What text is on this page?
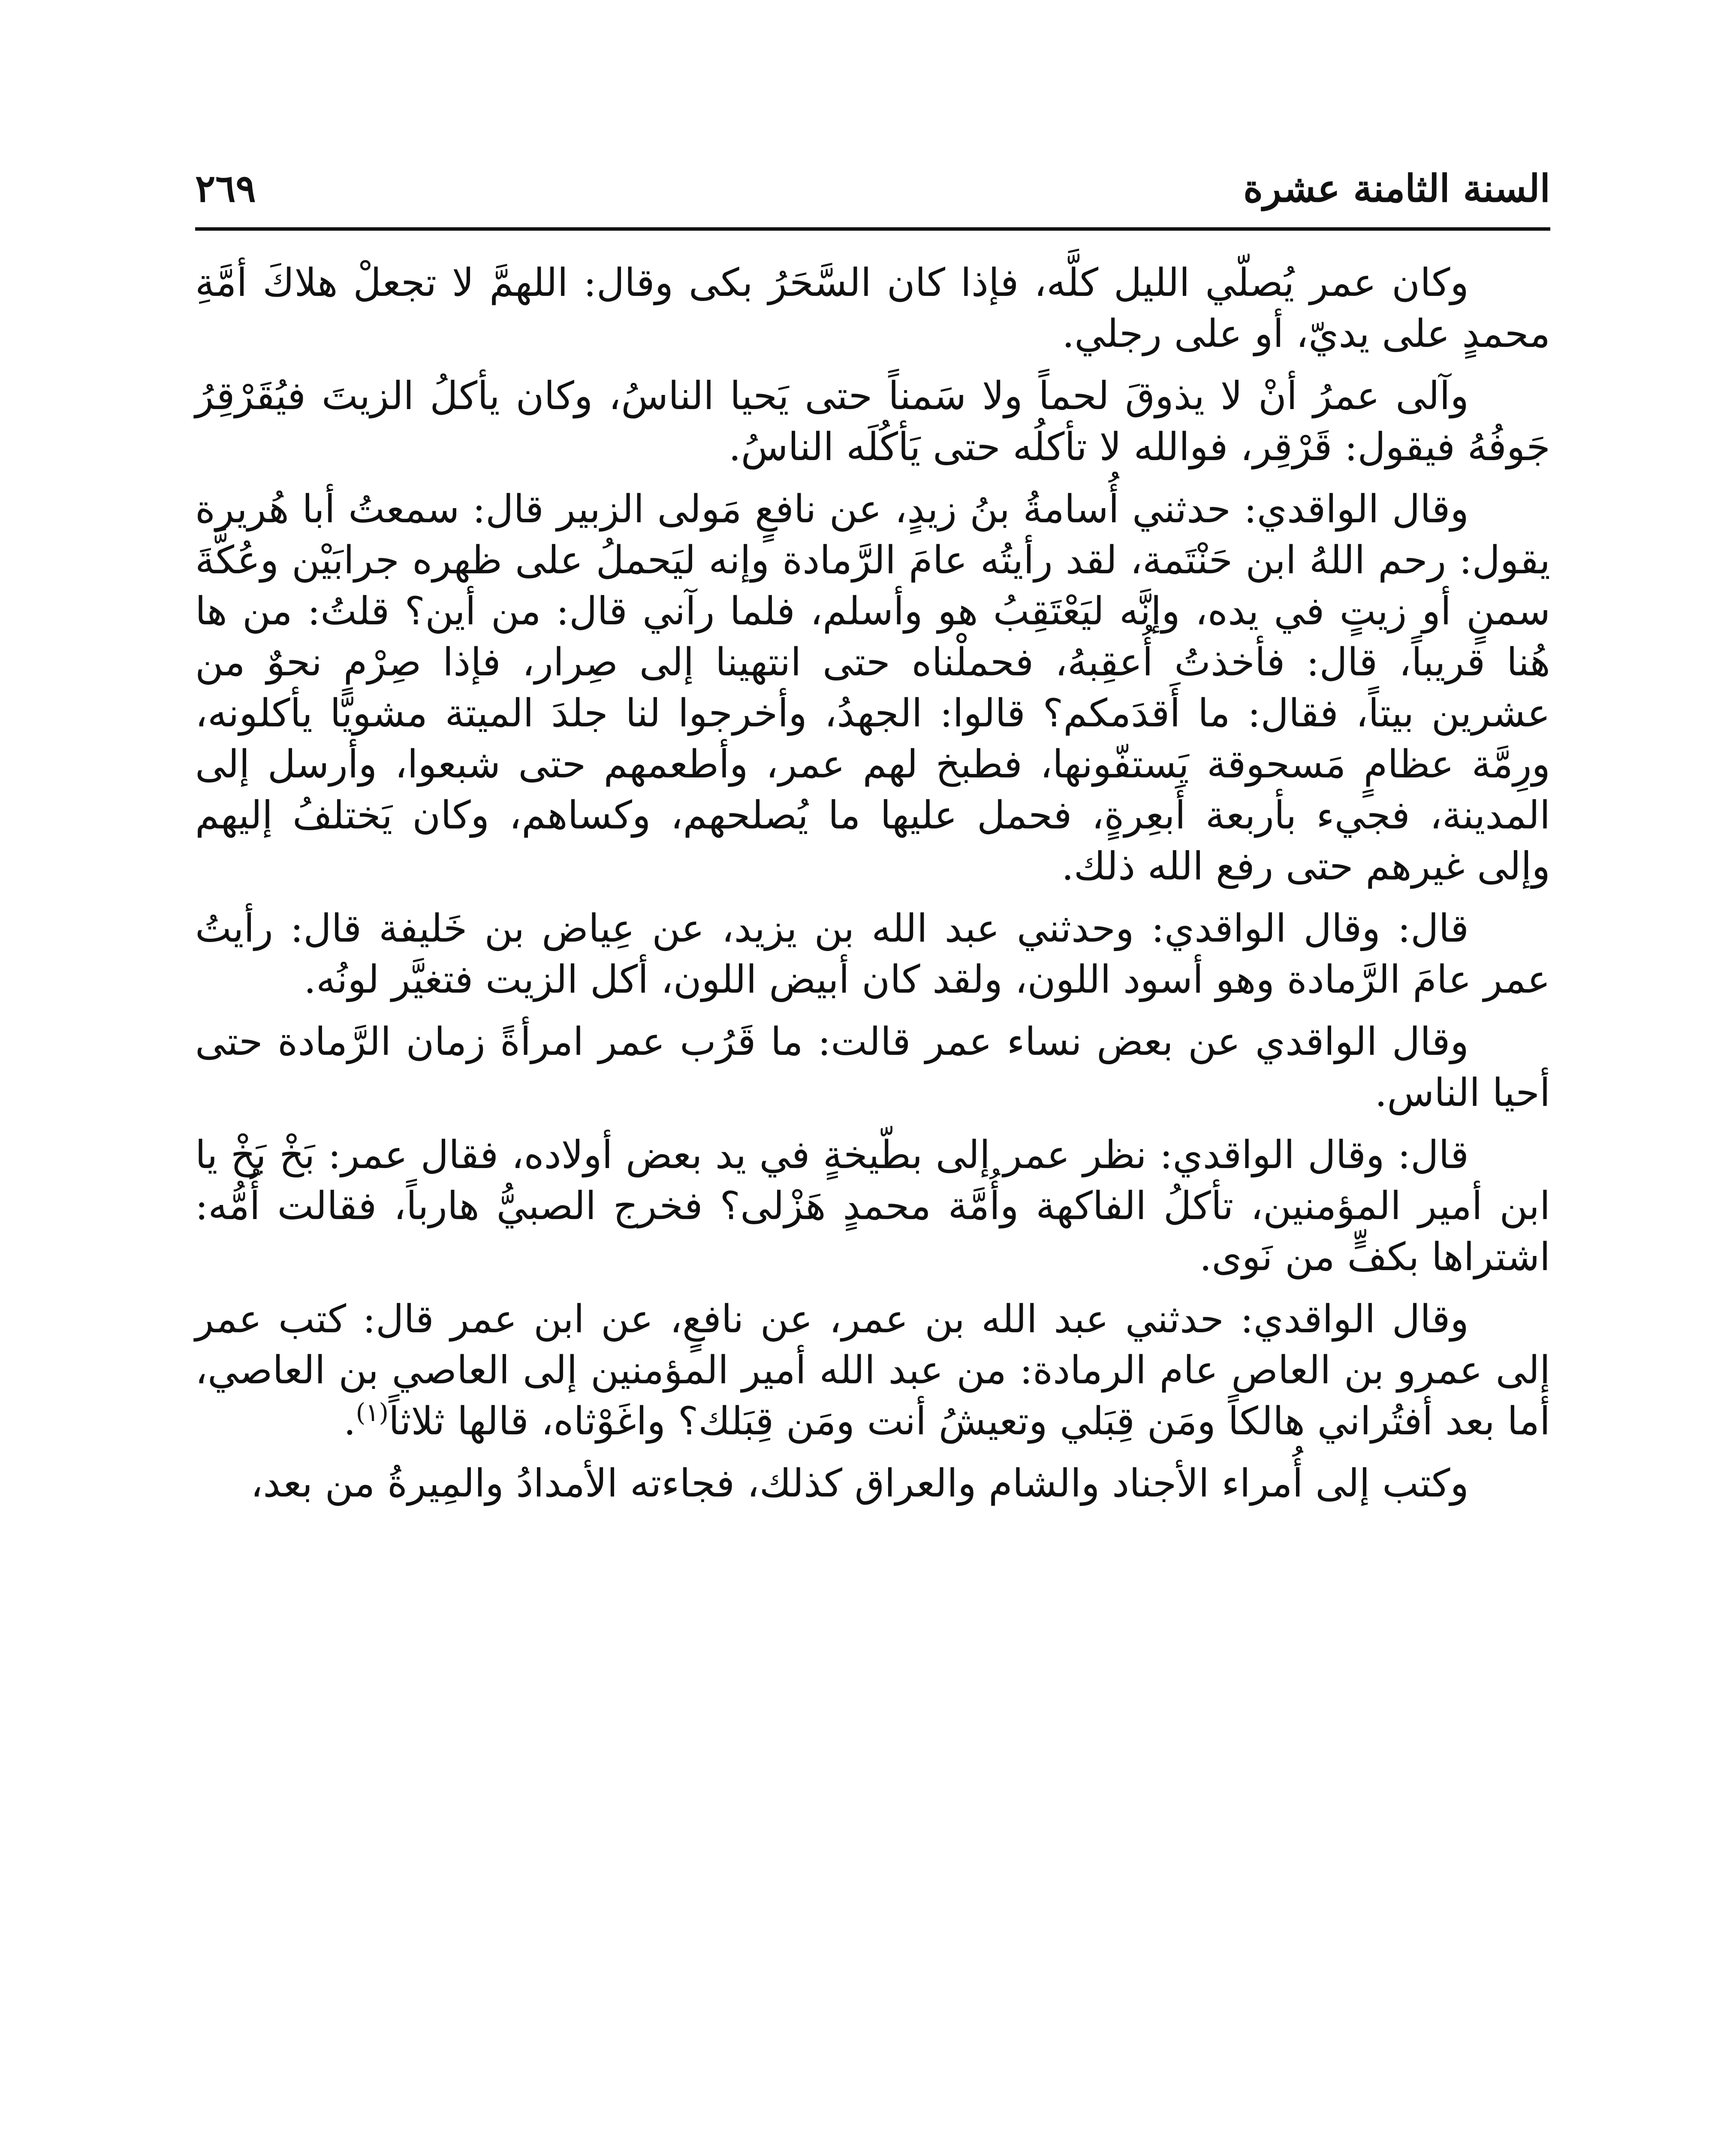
السنة الثامنة عشرة
٢٦٩

وكان عمر يُصلّي الليل كلَّه، فإذا كان السَّحَرُ بكى وقال: اللهمَّ لا تجعلْ هلاكَ أمَّةِ محمدٍ على يديّ، أو على رجلي.

وآلى عمرُ أنْ لا يذوقَ لحماً ولا سَمناً حتى يَحيا الناسُ، وكان يأكلُ الزيتَ فيُقَرْقِرُ جَوفُهُ فيقول: قَرْقِر، فوالله لا تأكلُه حتى يَأكُلَه الناسُ.

وقال الواقدي: حدثني أُسامةُ بنُ زيدٍ، عن نافعٍ مَولى الزبير قال: سمعتُ أبا هُريرة يقول: رحم اللهُ ابن حَنْتَمة، لقد رأيتُه عامَ الرَّمادة وإنه ليَحملُ على ظهره جرابَيْن وعُكَّةَ سمنٍ أو زيتٍ في يده، وإنَّه ليَعْتَقِبُ هو وأسلم، فلما رآني قال: من أين؟ قلتُ: من ها هُنا قريباً، قال: فأخذتُ أُعقِبهُ، فحملْناه حتى انتهينا إلى صِرار، فإذا صِرْم نحوٌ من عشرين بيتاً، فقال: ما أَقدَمكم؟ قالوا: الجهدُ، وأخرجوا لنا جلدَ الميتة مشويًّا يأكلونه، ورِمَّة عظامٍ مَسحوقة يَستفّونها، فطبخ لهم عمر، وأطعمهم حتى شبعوا، وأرسل إلى المدينة، فجيء بأربعة أَبعِرةٍ، فحمل عليها ما يُصلحهم، وكساهم، وكان يَختلفُ إليهم وإلى غيرهم حتى رفع الله ذلك.

قال: وقال الواقدي: وحدثني عبد الله بن يزيد، عن عِياض بن خَليفة قال: رأيتُ عمر عامَ الرَّمادة وهو أسود اللون، ولقد كان أبيض اللون، أكل الزيت فتغيَّر لونُه.

وقال الواقدي عن بعض نساء عمر قالت: ما قَرُب عمر امرأةً زمان الرَّمادة حتى أحيا الناس.

قال: وقال الواقدي: نظر عمر إلى بطّيخةٍ في يد بعض أولاده، فقال عمر: بَخْ بَخْ يا ابن أمير المؤمنين، تأكلُ الفاكهة وأُمَّة محمدٍ هَزْلى؟ فخرج الصبيُّ هارباً، فقالت أُمُّه: اشتراها بكفٍّ من نَوى.

وقال الواقدي: حدثني عبد الله بن عمر، عن نافعٍ، عن ابن عمر قال: كتب عمر إلى عمرو بن العاص عام الرمادة: من عبد الله أمير المؤمنين إلى العاصي بن العاصي، أما بعد أفتُراني هالكاً ومَن قِبَلي وتعيشُ أنت ومَن قِبَلك؟ واغَوْثاه، قالها ثلاثاً$^{(١)}$.

وكتب إلى أُمراء الأجناد والشام والعراق كذلك، فجاءته الأمدادُ والمِيرةُ من بعد،
